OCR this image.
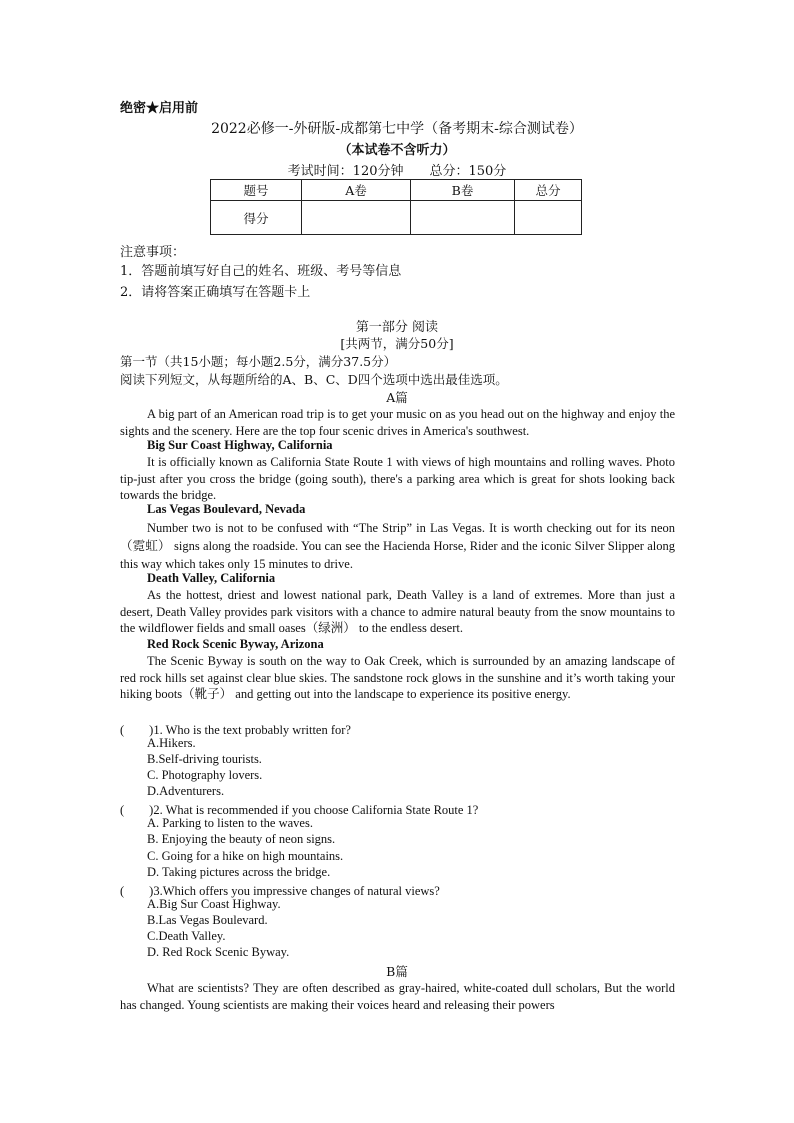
绝密★启用前
2022必修一-外研版-成都第七中学（备考期末-综合测试卷）
（本试卷不含听力）
考试时间：120分钟　　总分：150分
题号	A卷	B卷	总分
得分			
注意事项：
1．答题前填写好自己的姓名、班级、考号等信息
2．请将答案正确填写在答题卡上
第一部分 阅读
[共两节，满分50分]
第一节（共15小题；每小题2.5分，满分37.5分）
阅读下列短文，从每题所给的A、B、C、D四个选项中选出最佳选项。
A篇
A big part of an American road trip is to get your music on as you head out on the highway and enjoy the sights and the scenery. Here are the top four scenic drives in America's southwest.
Big Sur Coast Highway, California
It is officially known as California State Route 1 with views of high mountains and rolling waves. Photo tip-just after you cross the bridge (going south), there's a parking area which is great for shots looking back towards the bridge.
Las Vegas Boulevard, Nevada
Number two is not to be confused with “The Strip” in Las Vegas. It is worth checking out for its neon（霓虹） signs along the roadside. You can see the Hacienda Horse, Rider and the iconic Silver Slipper along this way which takes only 15 minutes to drive.
Death Valley, California
As the hottest, driest and lowest national park, Death Valley is a land of extremes. More than just a desert, Death Valley provides park visitors with a chance to admire natural beauty from the snow mountains to the wildflower fields and small oases（绿洲） to the endless desert.
Red Rock Scenic Byway, Arizona
The Scenic Byway is south on the way to Oak Creek, which is surrounded by an amazing landscape of red rock hills set against clear blue skies. The sandstone rock glows in the sunshine and it’s worth taking your hiking boots（靴子） and getting out into the landscape to experience its positive energy.
(　　)1. Who is the text probably written for?
A.Hikers.
B.Self-driving tourists.
C. Photography lovers.
D.Adventurers.
(　　)2. What is recommended if you choose California State Route 1?
A. Parking to listen to the waves.
B. Enjoying the beauty of neon signs.
C. Going for a hike on high mountains.
D. Taking pictures across the bridge.
(　　)3.Which offers you impressive changes of natural views?
A.Big Sur Coast Highway.
B.Las Vegas Boulevard.
C.Death Valley.
D. Red Rock Scenic Byway.
B篇
What are scientists? They are often described as gray-haired, white-coated dull scholars, But the world has changed. Young scientists are making their voices heard and releasing their powers
